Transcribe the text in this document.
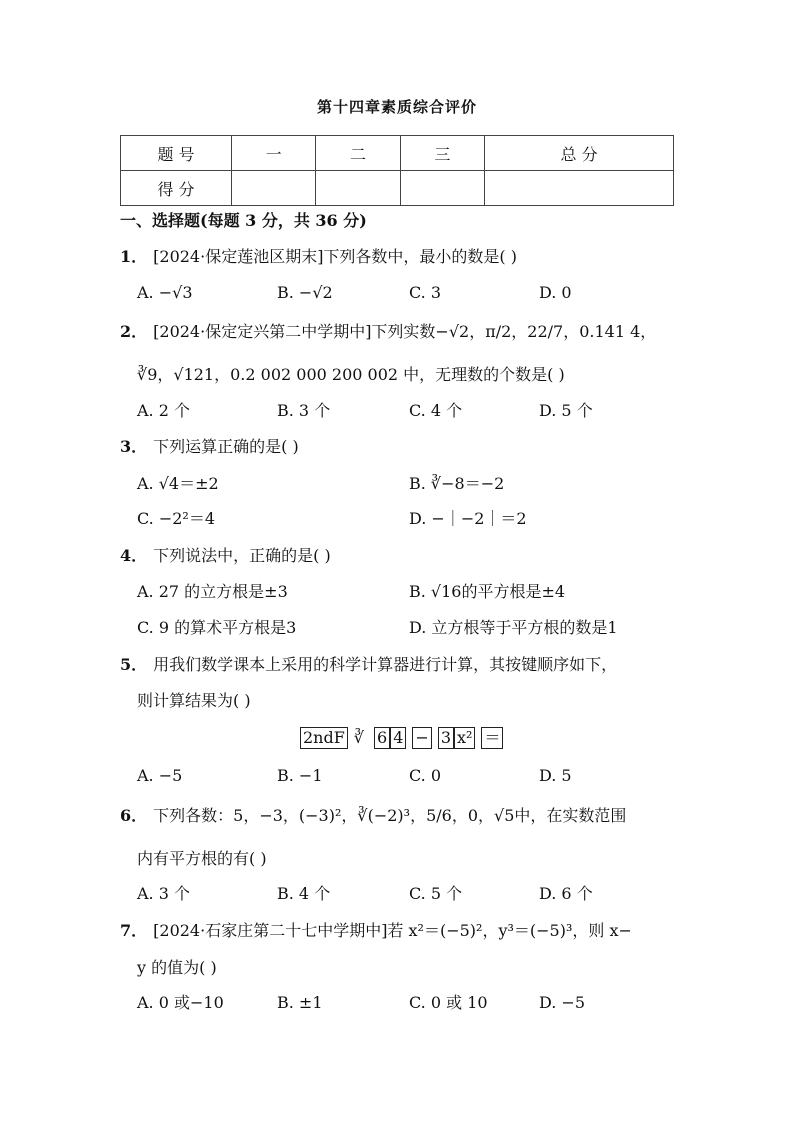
第十四章素质综合评价
题 号	一	二	三	总 分
得 分				
一、选择题(每题 3 分，共 36 分)
1． [2024·保定莲池区期末]下列各数中，最小的数是( )
A. −√3	B. −√2	C. 3	D. 0
2． [2024·保定定兴第二中学期中]下列实数−√2，π/2，22/7，0.141 4，
∛9，√121，0.2 002 000 200 002 中，无理数的个数是( )
A. 2 个	B. 3 个	C. 4 个	D. 5 个
3． 下列运算正确的是( )
A. √4＝±2	B. ∛−8＝−2
C. −2²＝4	D. −｜−2｜＝2
4． 下列说法中，正确的是( )
A. 27 的立方根是±3	B. √16的平方根是±4
C. 9 的算术平方根是3	D. 立方根等于平方根的数是1
5． 用我们数学课本上采用的科学计算器进行计算，其按键顺序如下，
则计算结果为( )
2ndF ∛ 6 4 − 3 x² ＝
A. −5	B. −1	C. 0	D. 5
6． 下列各数：5，−3，(−3)²，∛(−2)³，5/6，0，√5中，在实数范围
内有平方根的有( )
A. 3 个	B. 4 个	C. 5 个	D. 6 个
7． [2024·石家庄第二十七中学期中]若 x²＝(−5)²，y³＝(−5)³，则 x−
y 的值为( )
A. 0 或−10	B. ±1	C. 0 或 10	D. −5
